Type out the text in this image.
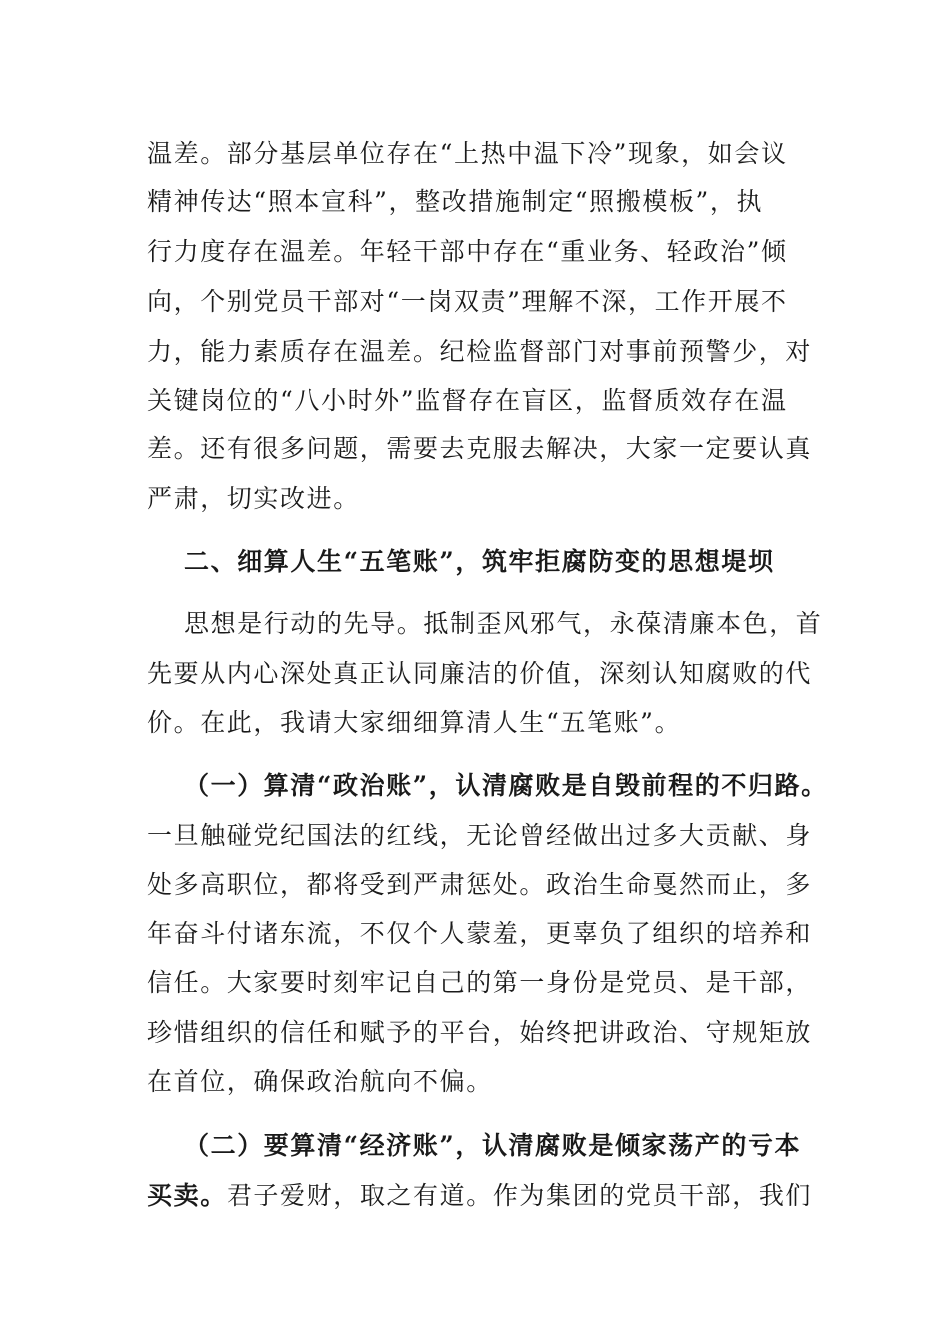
温差。部分基层单位存在“上热中温下冷”现象，如会议
精神传达“照本宣科”，整改措施制定“照搬模板”，执
行力度存在温差。年轻干部中存在“重业务、轻政治”倾
向，个别党员干部对“一岗双责”理解不深，工作开展不
力，能力素质存在温差。纪检监督部门对事前预警少，对
关键岗位的“八小时外”监督存在盲区，监督质效存在温
差。还有很多问题，需要去克服去解决，大家一定要认真
严肃，切实改进。
二、细算人生“五笔账”，筑牢拒腐防变的思想堤坝
思想是行动的先导。抵制歪风邪气，永葆清廉本色，首
先要从内心深处真正认同廉洁的价值，深刻认知腐败的代
价。在此，我请大家细细算清人生“五笔账”。
（一）算清“政治账”，认清腐败是自毁前程的不归路。
一旦触碰党纪国法的红线，无论曾经做出过多大贡献、身
处多高职位，都将受到严肃惩处。政治生命戛然而止，多
年奋斗付诸东流，不仅个人蒙羞，更辜负了组织的培养和
信任。大家要时刻牢记自己的第一身份是党员、是干部，
珍惜组织的信任和赋予的平台，始终把讲政治、守规矩放
在首位，确保政治航向不偏。
（二）要算清“经济账”，认清腐败是倾家荡产的亏本
买卖。君子爱财，取之有道。作为集团的党员干部，我们
